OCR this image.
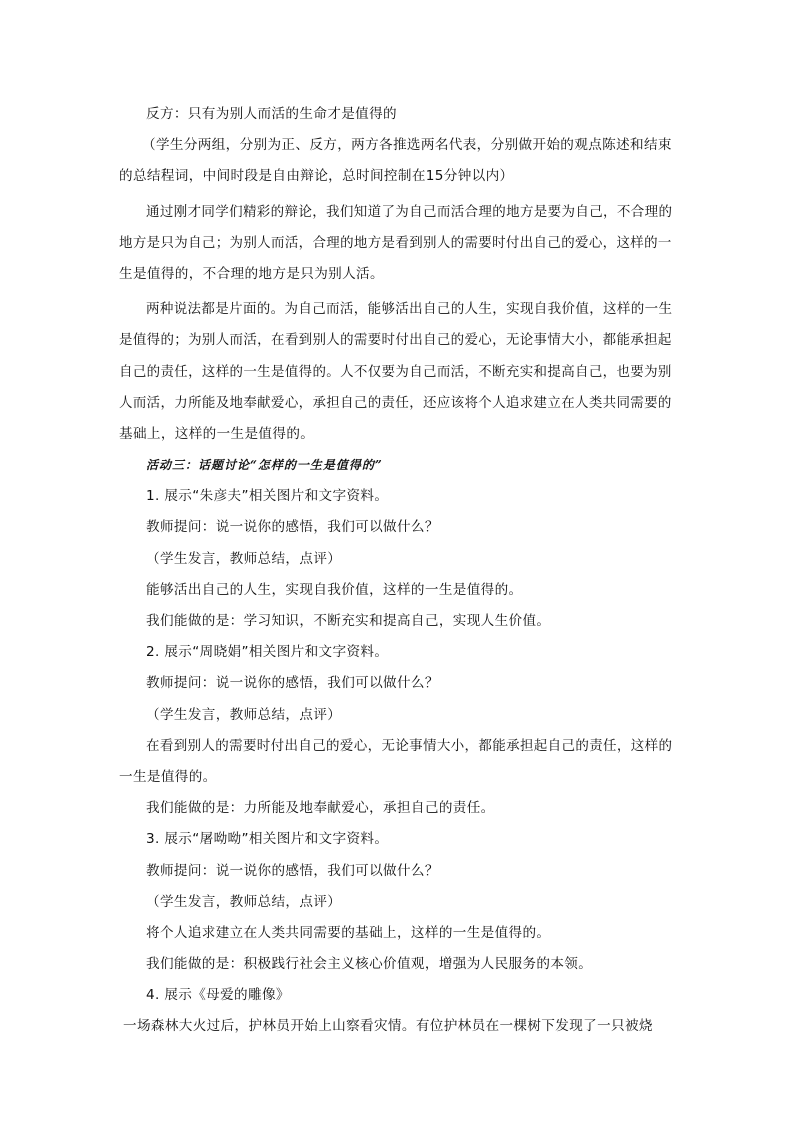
反方：只有为别人而活的生命才是值得的
（学生分两组，分别为正、反方，两方各推选两名代表，分别做开始的观点陈述和结束
的总结程词，中间时段是自由辩论，总时间控制在15分钟以内）
通过刚才同学们精彩的辩论，我们知道了为自己而活合理的地方是要为自己，不合理的
地方是只为自己；为别人而活，合理的地方是看到别人的需要时付出自己的爱心，这样的一
生是值得的，不合理的地方是只为别人活。
两种说法都是片面的。为自己而活，能够活出自己的人生，实现自我价值，这样的一生
是值得的；为别人而活，在看到别人的需要时付出自己的爱心，无论事情大小，都能承担起
自己的责任，这样的一生是值得的。人不仅要为自己而活，不断充实和提高自己，也要为别
人而活，力所能及地奉献爱心，承担自己的责任，还应该将个人追求建立在人类共同需要的
基础上，这样的一生是值得的。
活动三：话题讨论“怎样的一生是值得的”
1. 展示“朱彦夫”相关图片和文字资料。
教师提问：说一说你的感悟，我们可以做什么？
（学生发言，教师总结，点评）
能够活出自己的人生，实现自我价值，这样的一生是值得的。
我们能做的是：学习知识，不断充实和提高自己，实现人生价值。
2. 展示“周晓娟”相关图片和文字资料。
教师提问：说一说你的感悟，我们可以做什么？
（学生发言，教师总结，点评）
在看到别人的需要时付出自己的爱心，无论事情大小，都能承担起自己的责任，这样的
一生是值得的。
我们能做的是：力所能及地奉献爱心，承担自己的责任。
3. 展示“屠呦呦”相关图片和文字资料。
教师提问：说一说你的感悟，我们可以做什么？
（学生发言，教师总结，点评）
将个人追求建立在人类共同需要的基础上，这样的一生是值得的。
我们能做的是：积极践行社会主义核心价值观，增强为人民服务的本领。
4. 展示《母爱的雕像》
一场森林大火过后，护林员开始上山察看灾情。有位护林员在一棵树下发现了一只被烧
